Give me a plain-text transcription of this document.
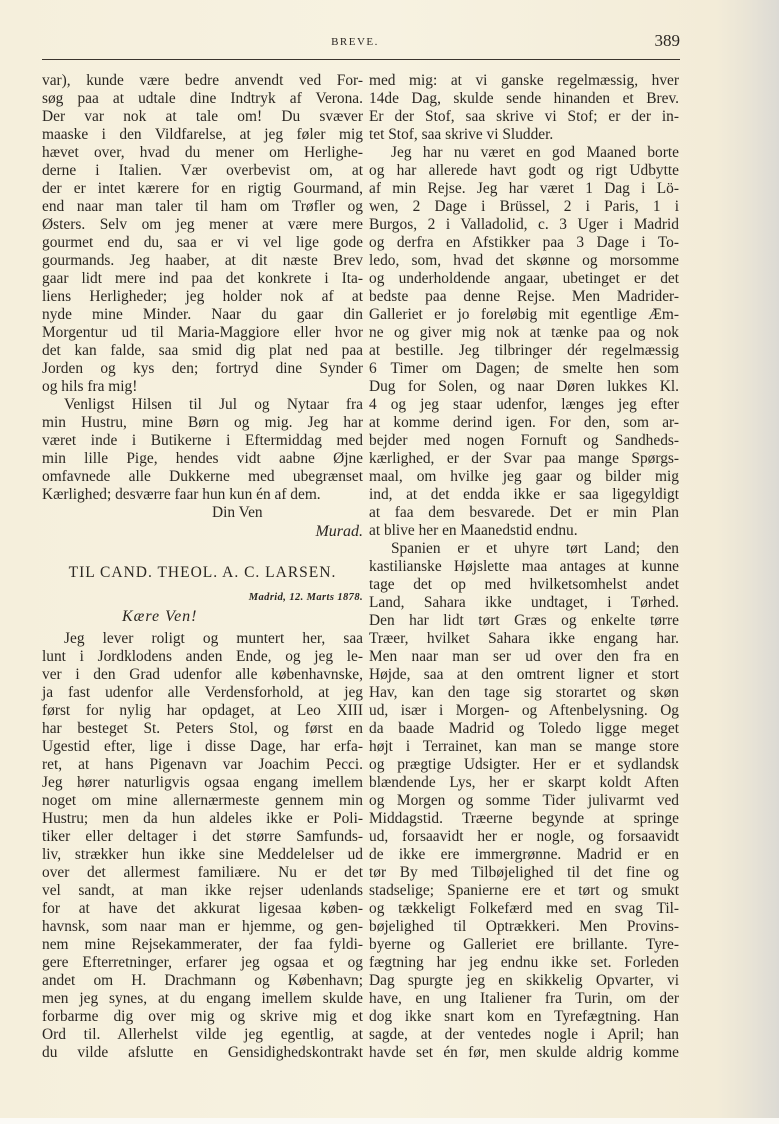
BREVE.	389
var), kunde være bedre anvendt ved For-
søg paa at udtale dine Indtryk af Verona.
Der var nok at tale om! Du svæver
maaske i den Vildfarelse, at jeg føler mig
hævet over, hvad du mener om Herlighe-
derne i Italien. Vær overbevist om, at
der er intet kærere for en rigtig Gourmand,
end naar man taler til ham om Trøfler og
Østers. Selv om jeg mener at være mere
gourmet end du, saa er vi vel lige gode
gourmands. Jeg haaber, at dit næste Brev
gaar lidt mere ind paa det konkrete i Ita-
liens Herligheder; jeg holder nok af at
nyde mine Minder. Naar du gaar din
Morgentur ud til Maria-Maggiore eller hvor
det kan falde, saa smid dig plat ned paa
Jorden og kys den; fortryd dine Synder
og hils fra mig!
Venligst Hilsen til Jul og Nytaar fra
min Hustru, mine Børn og mig. Jeg har
været inde i Butikerne i Eftermiddag med
min lille Pige, hendes vidt aabne Øjne
omfavnede alle Dukkerne med ubegrænset
Kærlighed; desværre faar hun kun én af dem.
Din Ven
Murad.
TIL CAND. THEOL. A. C. LARSEN.
Madrid, 12. Marts 1878.
Kære Ven!
Jeg lever roligt og muntert her, saa
lunt i Jordklodens anden Ende, og jeg le-
ver i den Grad udenfor alle københavnske,
ja fast udenfor alle Verdensforhold, at jeg
først for nylig har opdaget, at Leo XIII
har besteget St. Peters Stol, og først en
Ugestid efter, lige i disse Dage, har erfa-
ret, at hans Pigenavn var Joachim Pecci.
Jeg hører naturligvis ogsaa engang imellem
noget om mine allernærmeste gennem min
Hustru; men da hun aldeles ikke er Poli-
tiker eller deltager i det større Samfunds-
liv, strækker hun ikke sine Meddelelser ud
over det allermest familiære. Nu er det
vel sandt, at man ikke rejser udenlands
for at have det akkurat ligesaa køben-
havnsk, som naar man er hjemme, og gen-
nem mine Rejsekammerater, der faa fyldi-
gere Efterretninger, erfarer jeg ogsaa et og
andet om H. Drachmann og København;
men jeg synes, at du engang imellem skulde
forbarme dig over mig og skrive mig et
Ord til. Allerhelst vilde jeg egentlig, at
du vilde afslutte en Gensidighedskontrakt
med mig: at vi ganske regelmæssig, hver
14de Dag, skulde sende hinanden et Brev.
Er der Stof, saa skrive vi Stof; er der in-
tet Stof, saa skrive vi Sludder.
Jeg har nu været en god Maaned borte
og har allerede havt godt og rigt Udbytte
af min Rejse. Jeg har været 1 Dag i Lö-
wen, 2 Dage i Brüssel, 2 i Paris, 1 i
Burgos, 2 i Valladolid, c. 3 Uger i Madrid
og derfra en Afstikker paa 3 Dage i To-
ledo, som, hvad det skønne og morsomme
og underholdende angaar, ubetinget er det
bedste paa denne Rejse. Men Madrider-
Galleriet er jo foreløbig mit egentlige Æm-
ne og giver mig nok at tænke paa og nok
at bestille. Jeg tilbringer dér regelmæssig
6 Timer om Dagen; de smelte hen som
Dug for Solen, og naar Døren lukkes Kl.
4 og jeg staar udenfor, længes jeg efter
at komme derind igen. For den, som ar-
bejder med nogen Fornuft og Sandheds-
kærlighed, er der Svar paa mange Spørgs-
maal, om hvilke jeg gaar og bilder mig
ind, at det endda ikke er saa ligegyldigt
at faa dem besvarede. Det er min Plan
at blive her en Maanedstid endnu.
Spanien er et uhyre tørt Land; den
kastilianske Højslette maa antages at kunne
tage det op med hvilketsomhelst andet
Land, Sahara ikke undtaget, i Tørhed.
Den har lidt tørt Græs og enkelte tørre
Træer, hvilket Sahara ikke engang har.
Men naar man ser ud over den fra en
Højde, saa at den omtrent ligner et stort
Hav, kan den tage sig storartet og skøn
ud, især i Morgen- og Aftenbelysning. Og
da baade Madrid og Toledo ligge meget
højt i Terrainet, kan man se mange store
og prægtige Udsigter. Her er et sydlandsk
blændende Lys, her er skarpt koldt Aften
og Morgen og somme Tider julivarmt ved
Middagstid. Træerne begynde at springe
ud, forsaavidt her er nogle, og forsaavidt
de ikke ere immergrønne. Madrid er en
tør By med Tilbøjelighed til det fine og
stadselige; Spanierne ere et tørt og smukt
og tækkeligt Folkefærd med en svag Til-
bøjelighed til Optrækkeri. Men Provins-
byerne og Galleriet ere brillante. Tyre-
fægtning har jeg endnu ikke set. Forleden
Dag spurgte jeg en skikkelig Opvarter, vi
have, en ung Italiener fra Turin, om der
dog ikke snart kom en Tyrefægtning. Han
sagde, at der ventedes nogle i April; han
havde set én før, men skulde aldrig komme
